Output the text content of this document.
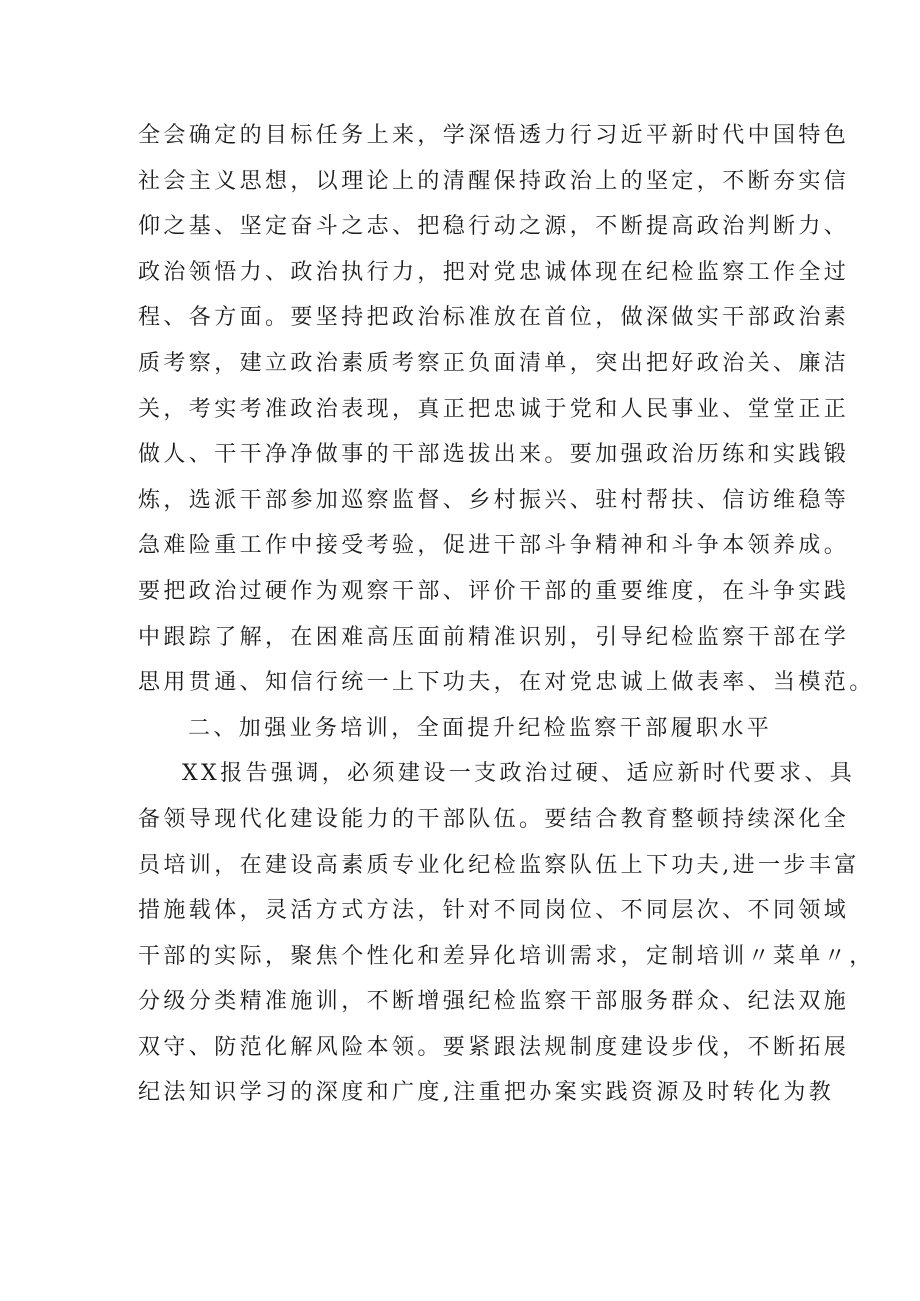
全会确定的目标任务上来，学深悟透力行习近平新时代中国特色
社会主义思想，以理论上的清醒保持政治上的坚定，不断夯实信
仰之基、坚定奋斗之志、把稳行动之源，不断提高政治判断力、
政治领悟力、政治执行力，把对党忠诚体现在纪检监察工作全过
程、各方面。要坚持把政治标准放在首位，做深做实干部政治素
质考察，建立政治素质考察正负面清单，突出把好政治关、廉洁
关，考实考准政治表现，真正把忠诚于党和人民事业、堂堂正正
做人、干干净净做事的干部选拔出来。要加强政治历练和实践锻
炼，选派干部参加巡察监督、乡村振兴、驻村帮扶、信访维稳等
急难险重工作中接受考验，促进干部斗争精神和斗争本领养成。
要把政治过硬作为观察干部、评价干部的重要维度，在斗争实践
中跟踪了解，在困难高压面前精准识别，引导纪检监察干部在学
思用贯通、知信行统一上下功夫，在对党忠诚上做表率、当模范。
二、加强业务培训，全面提升纪检监察干部履职水平
XX报告强调，必须建设一支政治过硬、适应新时代要求、具
备领导现代化建设能力的干部队伍。要结合教育整顿持续深化全
员培训，在建设高素质专业化纪检监察队伍上下功夫,进一步丰富
措施载体，灵活方式方法，针对不同岗位、不同层次、不同领域
干部的实际，聚焦个性化和差异化培训需求，定制培训〃菜单〃，
分级分类精准施训，不断增强纪检监察干部服务群众、纪法双施
双守、防范化解风险本领。要紧跟法规制度建设步伐，不断拓展
纪法知识学习的深度和广度,注重把办案实践资源及时转化为教
